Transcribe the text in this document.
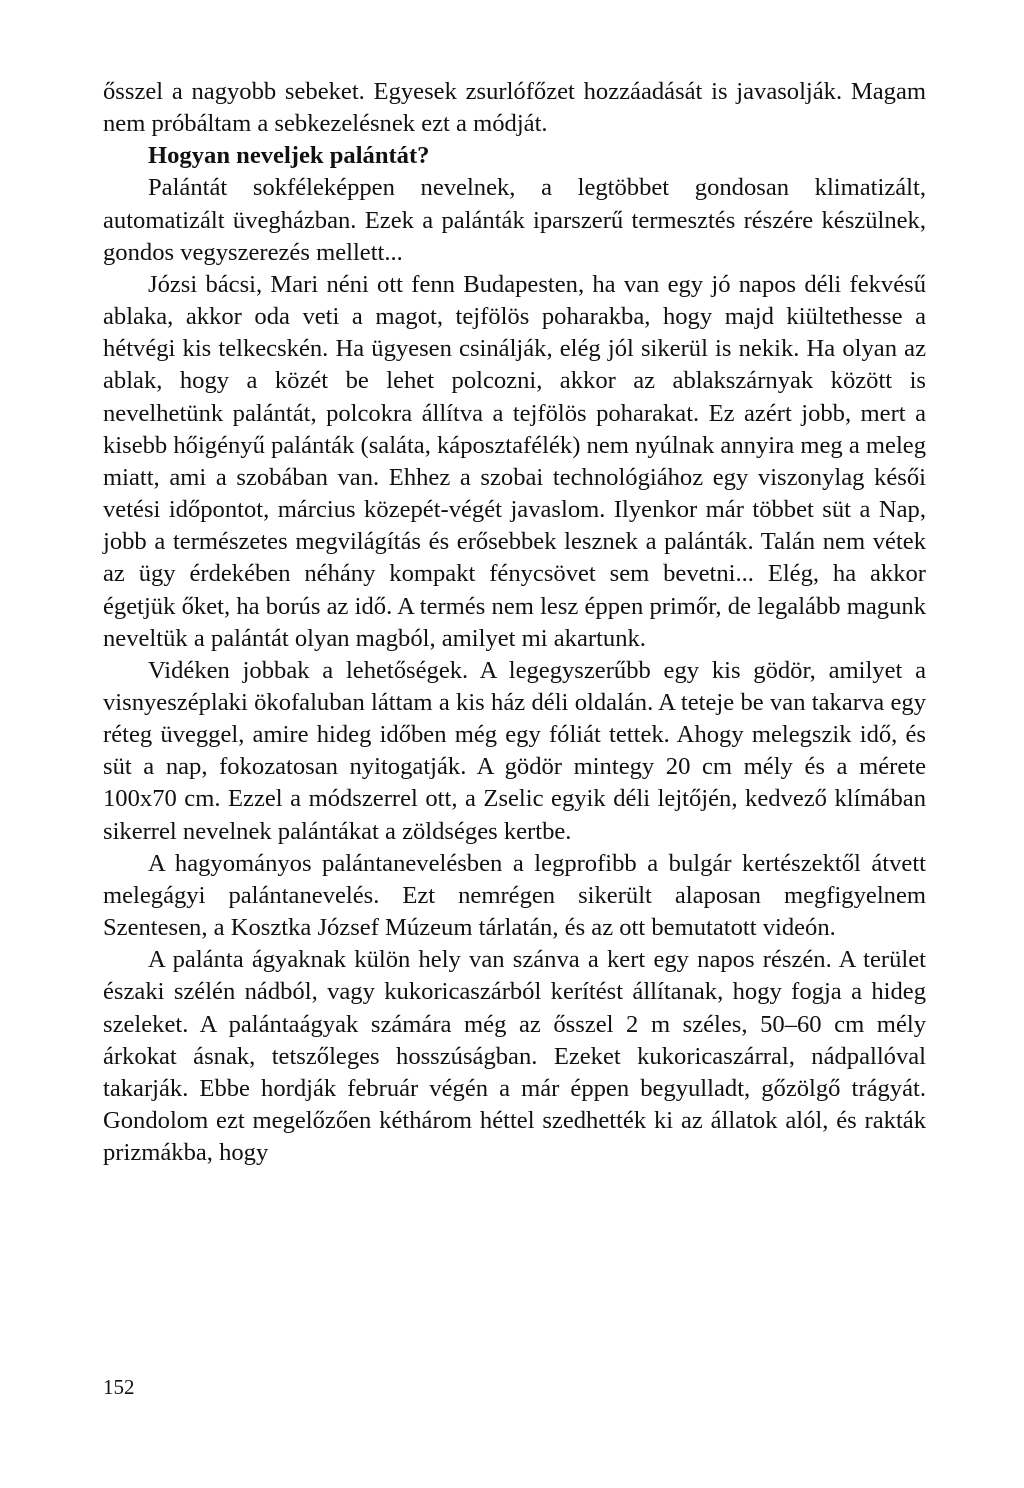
ősszel a nagyobb sebeket. Egyesek zsurlófőzet hozzáadását is javasolják. Magam nem próbáltam a sebkezelésnek ezt a módját.

Hogyan neveljek palántát?

Palántát sokféleképpen nevelnek, a legtöbbet gondosan klimatizált, automatizált üvegházban. Ezek a palánták iparszerű termesztés részére készülnek, gondos vegyszerezés mellett...

Józsi bácsi, Mari néni ott fenn Budapesten, ha van egy jó napos déli fekvésű ablaka, akkor oda veti a magot, tejfölös poharakba, hogy majd kiültethesse a hétvégi kis telkecskén. Ha ügyesen csinálják, elég jól sikerül is nekik. Ha olyan az ablak, hogy a közét be lehet polcozni, akkor az ablakszárnyak között is nevelhetünk palántát, polcokra állítva a tejfölös poharakat. Ez azért jobb, mert a kisebb hőigényű palánták (saláta, káposztafélék) nem nyúlnak annyira meg a meleg miatt, ami a szobában van. Ehhez a szobai technológiához egy viszonylag késői vetési időpontot, március közepét-végét javaslom. Ilyenkor már többet süt a Nap, jobb a természetes megvilágítás és erősebbek lesznek a palánták. Talán nem vétek az ügy érdekében néhány kompakt fénycsövet sem bevetni... Elég, ha akkor égetjük őket, ha borús az idő. A termés nem lesz éppen primőr, de legalább magunk neveltük a palántát olyan magból, amilyet mi akartunk.

Vidéken jobbak a lehetőségek. A legegyszerűbb egy kis gödör, amilyet a visnyeszéplaki ökofaluban láttam a kis ház déli oldalán. A teteje be van takarva egy réteg üveggel, amire hideg időben még egy fóliát tettek. Ahogy melegszik idő, és süt a nap, fokozatosan nyitogatják. A gödör mintegy 20 cm mély és a mérete 100x70 cm. Ezzel a módszerrel ott, a Zselic egyik déli lejtőjén, kedvező klímában sikerrel nevelnek palántákat a zöldséges kertbe.

A hagyományos palántanevelésben a legprofibb a bulgár kertészektől átvett melegágyi palántanevelés. Ezt nemrégen sikerült alaposan megfigyelnem Szentesen, a Kosztka József Múzeum tárlatán, és az ott bemutatott videón.

A palánta ágyaknak külön hely van szánva a kert egy napos részén. A terület északi szélén nádból, vagy kukoricaszárból kerítést állítanak, hogy fogja a hideg szeleket. A palántaágyak számára még az ősszel 2 m széles, 50–60 cm mély árkokat ásnak, tetszőleges hosszúságban. Ezeket kukoricaszárral, nádpallóval takarják. Ebbe hordják február végén a már éppen begyulladt, gőzölgő trágyát. Gondolom ezt megelőzően kéthárom héttel szedhették ki az állatok alól, és rakták prizmákba, hogy

152
